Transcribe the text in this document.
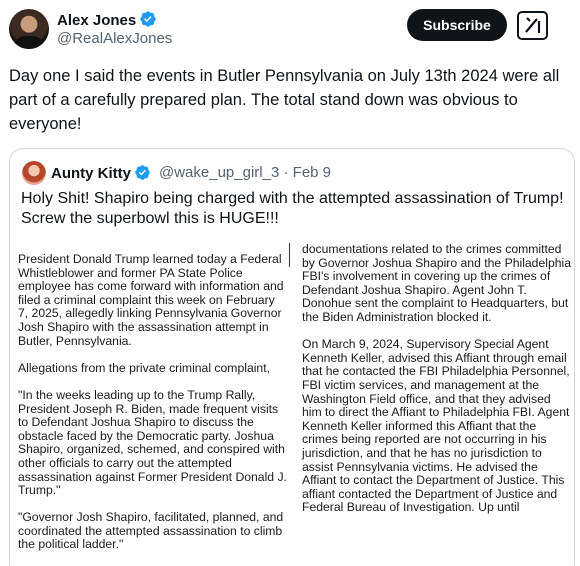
Alex Jones
@RealAlexJones
Subscribe
Day one I said the events in Butler Pennsylvania on July 13th 2024 were all part of a carefully prepared plan. The total stand down was obvious to everyone!
Aunty Kitty	@wake_up_girl_3 · Feb 9
Holy Shit! Shapiro being charged with the attempted assassination of Trump! Screw the superbowl this is HUGE!!!

President Donald Trump learned today a Federal Whistleblower and former PA State Police employee has come forward with information and filed a criminal complaint this week on February 7, 2025, allegedly linking Pennsylvania Governor Josh Shapiro with the assassination attempt in Butler, Pennsylvania.

Allegations from the private criminal complaint,

"In the weeks leading up to the Trump Rally, President Joseph R. Biden, made frequent visits to Defendant Joshua Shapiro to discuss the obstacle faced by the Democratic party. Joshua Shapiro, organized, schemed, and conspired with other officials to carry out the attempted assassination against Former President Donald J. Trump."

"Governor Josh Shapiro, facilitated, planned, and coordinated the attempted assassination to climb the political ladder."

documentations related to the crimes committed by Governor Joshua Shapiro and the Philadelphia FBI's involvement in covering up the crimes of Defendant Joshua Shapiro. Agent John T. Donohue sent the complaint to Headquarters, but the Biden Administration blocked it.

On March 9, 2024, Supervisory Special Agent Kenneth Keller, advised this Affiant through email that he contacted the FBI Philadelphia Personnel, FBI victim services, and management at the Washington Field office, and that they advised him to direct the Affiant to Philadelphia FBI. Agent Kenneth Keller informed this Affiant that the crimes being reported are not occurring in his jurisdiction, and that he has no jurisdiction to assist Pennsylvania victims. He advised the Affiant to contact the Department of Justice. This affiant contacted the Department of Justice and Federal Bureau of Investigation. Up until
